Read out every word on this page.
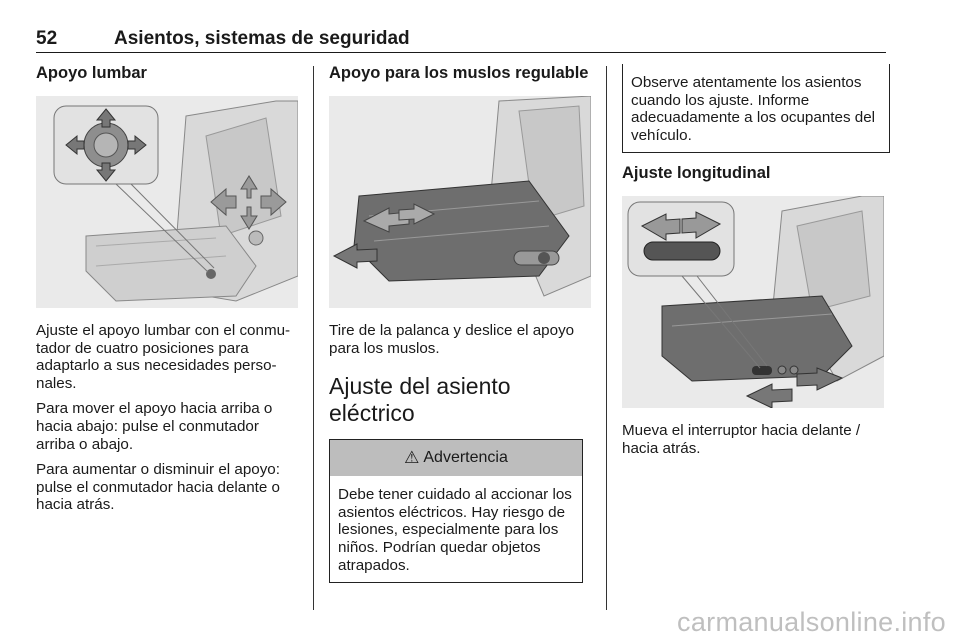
52	Asientos, sistemas de seguridad
Apoyo lumbar

Ajuste el apoyo lumbar con el conmu-tador de cuatro posiciones para adaptarlo a sus necesidades perso-nales.

Para mover el apoyo hacia arriba o hacia abajo: pulse el conmutador arriba o abajo.

Para aumentar o disminuir el apoyo: pulse el conmutador hacia delante o hacia atrás.

Apoyo para los muslos regulable

Tire de la palanca y deslice el apoyo para los muslos.

Ajuste del asiento eléctrico
⚠ Advertencia
Debe tener cuidado al accionar los asientos eléctricos. Hay riesgo de lesiones, especialmente para los niños. Podrían quedar objetos atrapados.
Observe atentamente los asientos cuando los ajuste. Informe adecuadamente a los ocupantes del vehículo.
Ajuste longitudinal

Mueva el interruptor hacia delante / hacia atrás.

carmanualsonline.info
